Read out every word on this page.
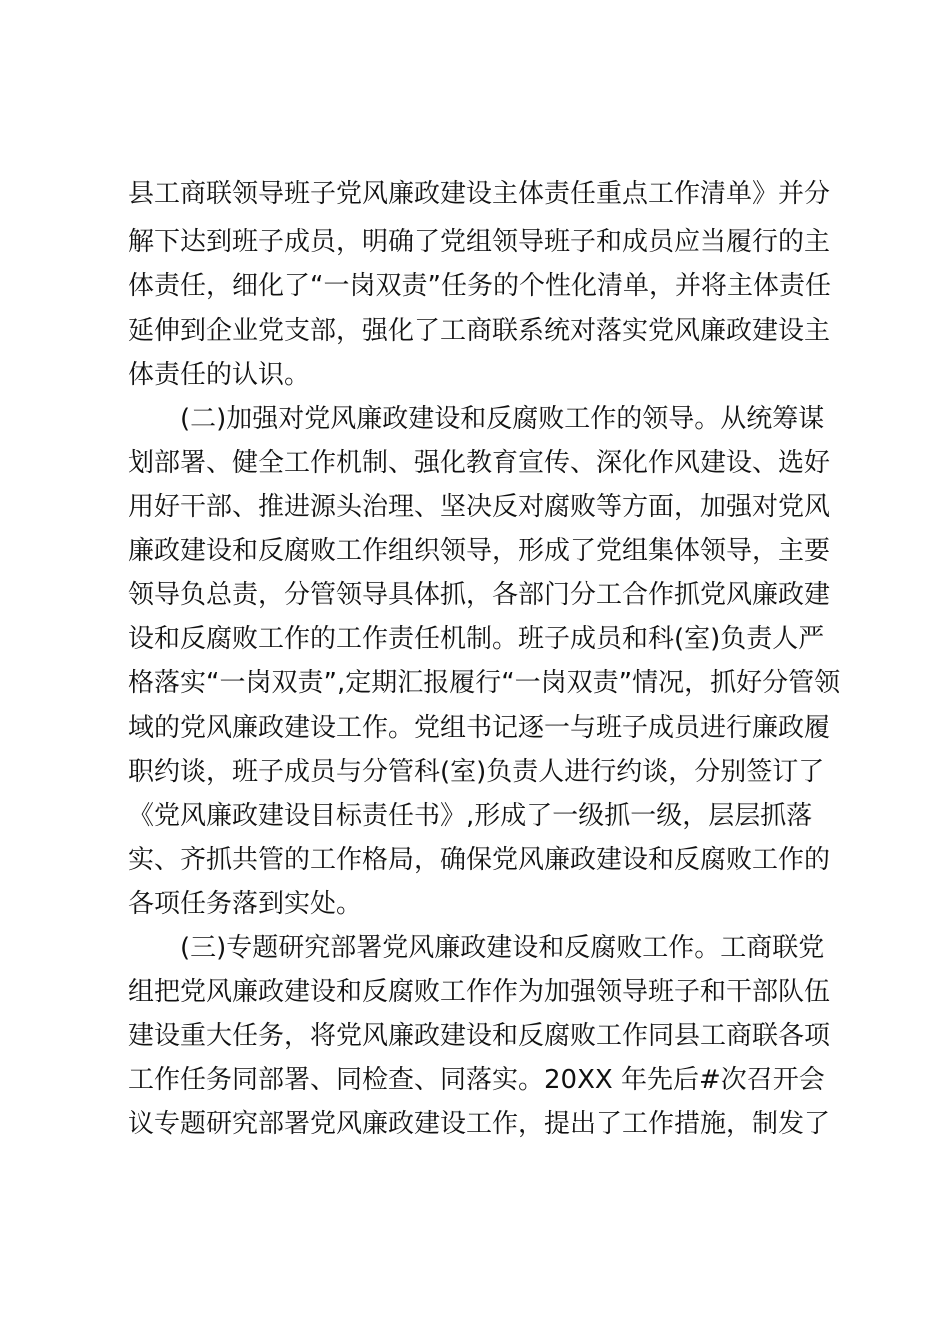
县工商联领导班子党风廉政建设主体责任重点工作清单》并分
解下达到班子成员，明确了党组领导班子和成员应当履行的主
体责任，细化了“一岗双责”任务的个性化清单，并将主体责任
延伸到企业党支部，强化了工商联系统对落实党风廉政建设主
体责任的认识。
(二)加强对党风廉政建设和反腐败工作的领导。从统筹谋
划部署、健全工作机制、强化教育宣传、深化作风建设、选好
用好干部、推进源头治理、坚决反对腐败等方面，加强对党风
廉政建设和反腐败工作组织领导，形成了党组集体领导，主要
领导负总责，分管领导具体抓，各部门分工合作抓党风廉政建
设和反腐败工作的工作责任机制。班子成员和科(室)负责人严
格落实“一岗双责”,定期汇报履行“一岗双责”情况，抓好分管领
域的党风廉政建设工作。党组书记逐一与班子成员进行廉政履
职约谈，班子成员与分管科(室)负责人进行约谈，分别签订了
《党风廉政建设目标责任书》,形成了一级抓一级，层层抓落
实、齐抓共管的工作格局，确保党风廉政建设和反腐败工作的
各项任务落到实处。
(三)专题研究部署党风廉政建设和反腐败工作。工商联党
组把党风廉政建设和反腐败工作作为加强领导班子和干部队伍
建设重大任务，将党风廉政建设和反腐败工作同县工商联各项
工作任务同部署、同检查、同落实。20XX 年先后#次召开会
议专题研究部署党风廉政建设工作，提出了工作措施，制发了
